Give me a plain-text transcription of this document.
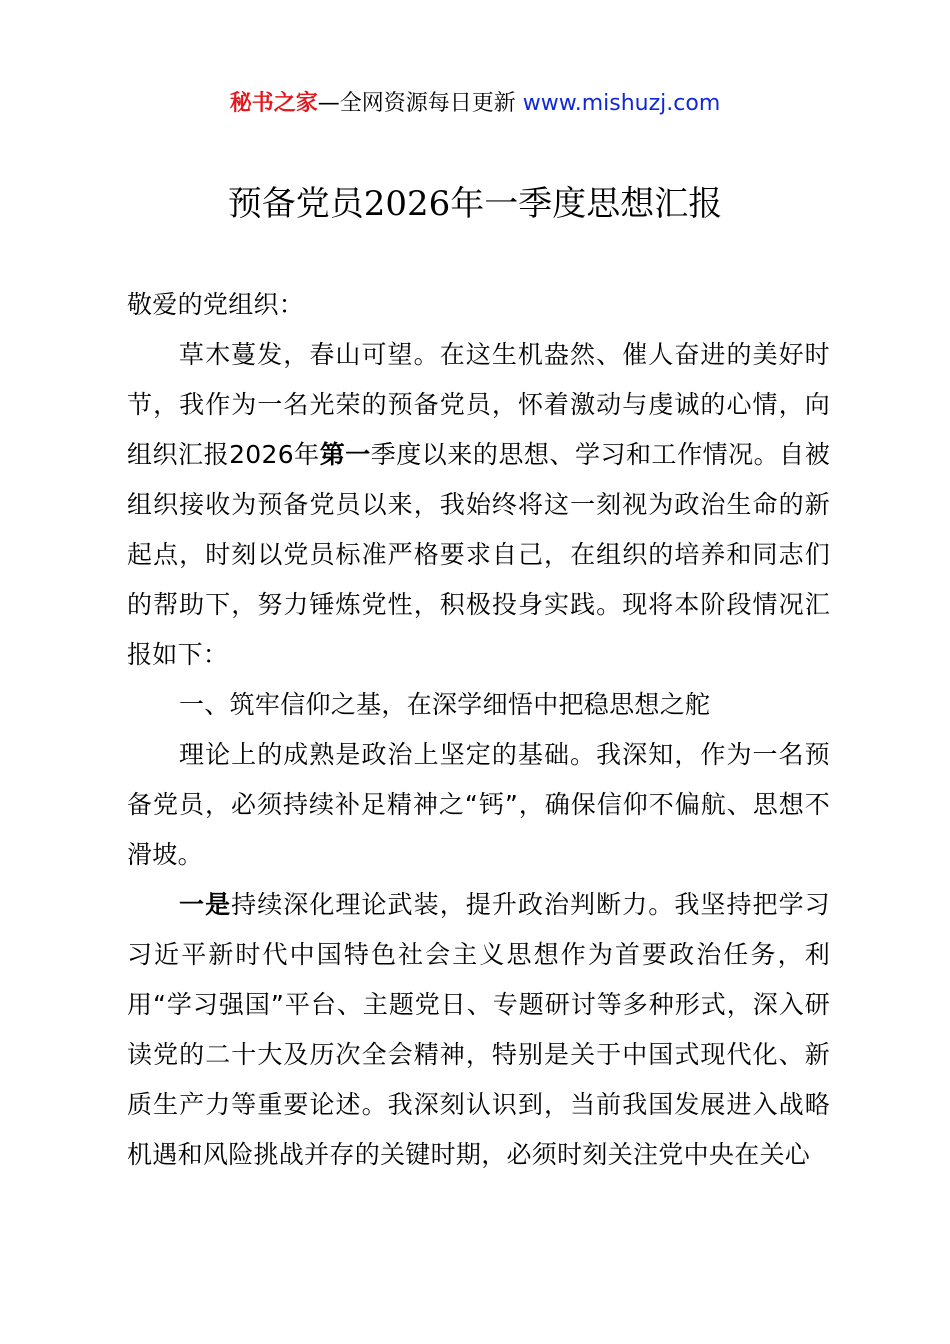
秘书之家—全网资源每日更新 www.mishuzj.com
预备党员2026年一季度思想汇报

敬爱的党组织：

草木蔓发，春山可望。在这生机盎然、催人奋进的美好时节，我作为一名光荣的预备党员，怀着激动与虔诚的心情，向组织汇报2026年第一季度以来的思想、学习和工作情况。自被组织接收为预备党员以来，我始终将这一刻视为政治生命的新起点，时刻以党员标准严格要求自己，在组织的培养和同志们的帮助下，努力锤炼党性，积极投身实践。现将本阶段情况汇报如下：

一、筑牢信仰之基，在深学细悟中把稳思想之舵

理论上的成熟是政治上坚定的基础。我深知，作为一名预备党员，必须持续补足精神之“钙”，确保信仰不偏航、思想不滑坡。

一是持续深化理论武装，提升政治判断力。我坚持把学习习近平新时代中国特色社会主义思想作为首要政治任务，利用“学习强国”平台、主题党日、专题研讨等多种形式，深入研读党的二十大及历次全会精神，特别是关于中国式现代化、新质生产力等重要论述。我深刻认识到，当前我国发展进入战略机遇和风险挑战并存的关键时期，必须时刻关注党中央在关心
